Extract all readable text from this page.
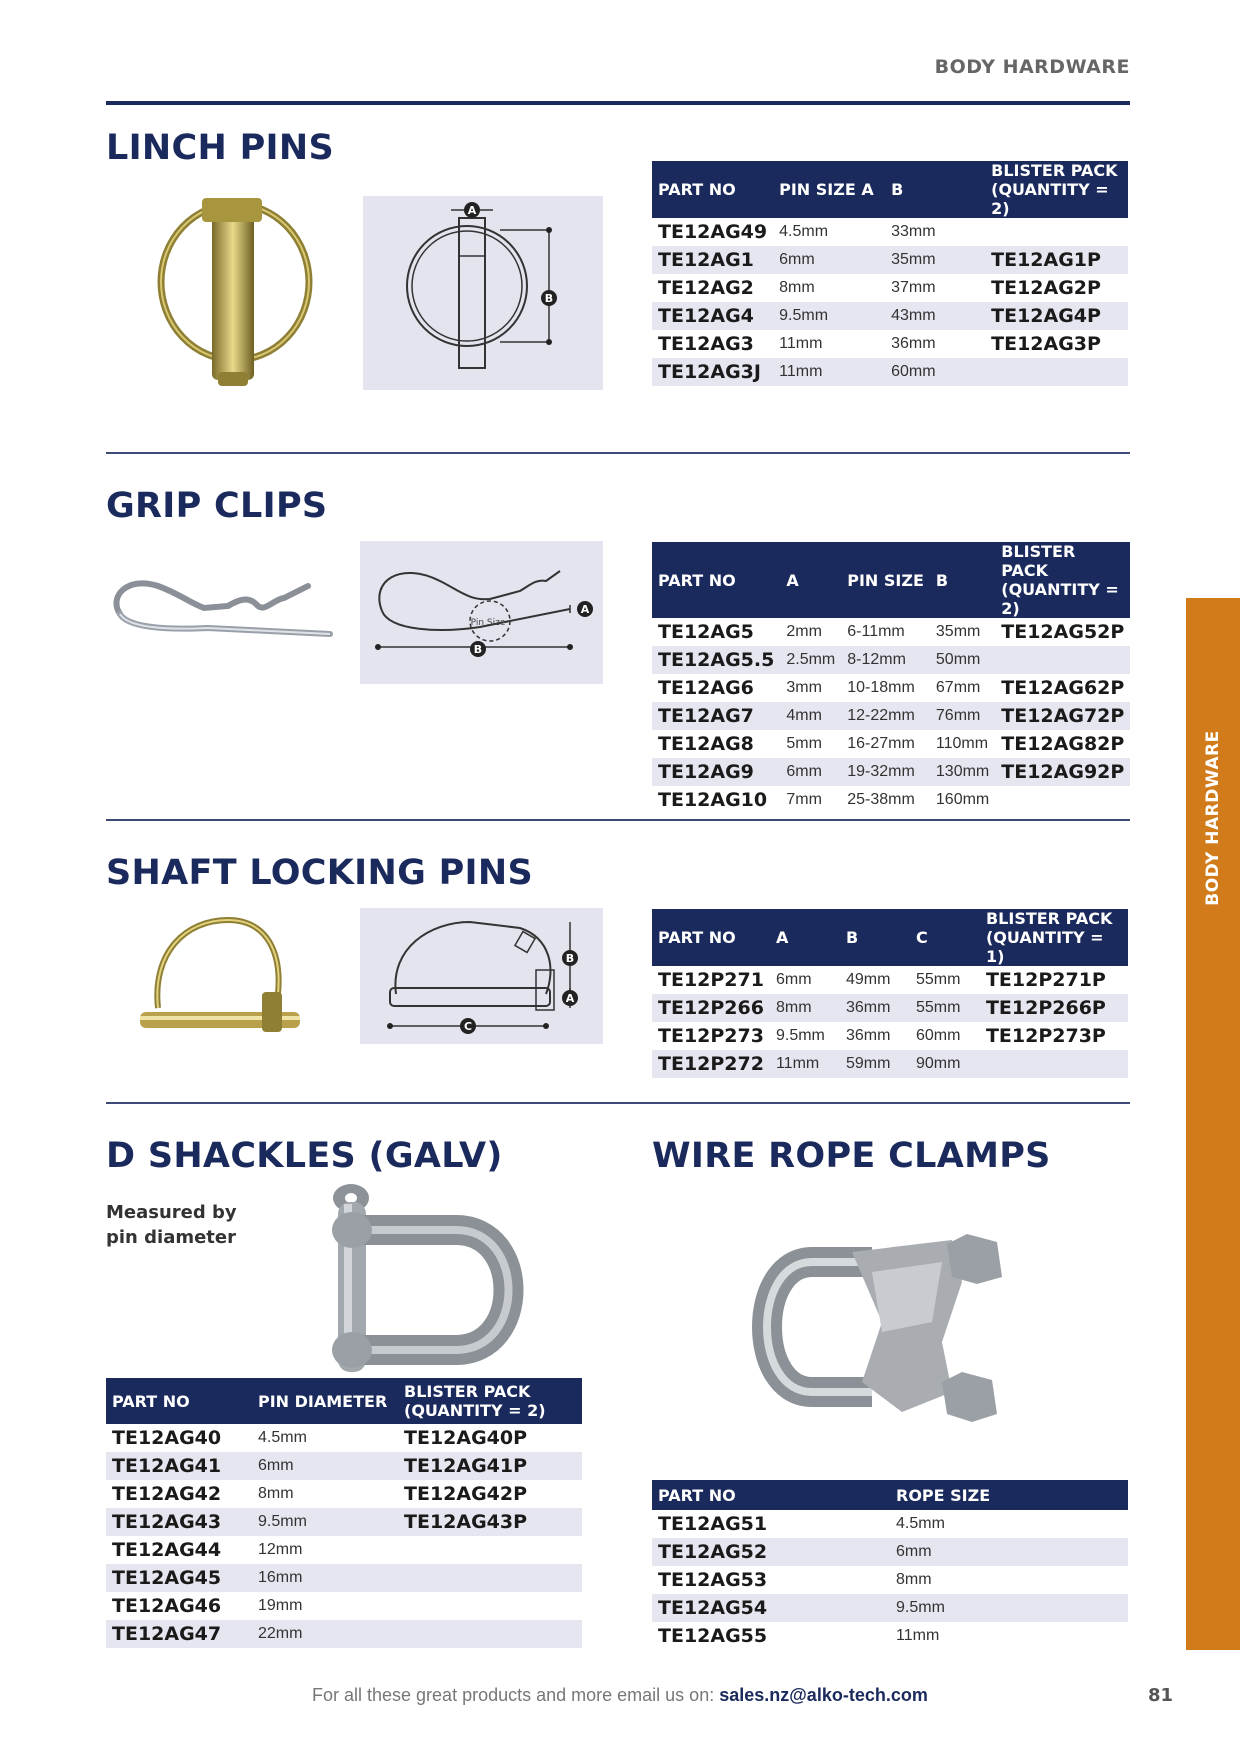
BODY HARDWARE
BODY HARDWARE
LINCH PINS
A
B
PART NO	PIN SIZE A	B	BLISTER PACK
(QUANTITY = 2)
TE12AG49	4.5mm	33mm	
TE12AG1	6mm	35mm	TE12AG1P
TE12AG2	8mm	37mm	TE12AG2P
TE12AG4	9.5mm	43mm	TE12AG4P
TE12AG3	11mm	36mm	TE12AG3P
TE12AG3J	11mm	60mm	
GRIP CLIPS
B
A
Pin Size
PART NO	A	PIN SIZE	B	BLISTER PACK
(QUANTITY = 2)
TE12AG5	2mm	6-11mm	35mm	TE12AG52P
TE12AG5.5	2.5mm	8-12mm	50mm	
TE12AG6	3mm	10-18mm	67mm	TE12AG62P
TE12AG7	4mm	12-22mm	76mm	TE12AG72P
TE12AG8	5mm	16-27mm	110mm	TE12AG82P
TE12AG9	6mm	19-32mm	130mm	TE12AG92P
TE12AG10	7mm	25-38mm	160mm	
SHAFT LOCKING PINS
C
B
A
PART NO	A	B	C	BLISTER PACK
(QUANTITY = 1)
TE12P271	6mm	49mm	55mm	TE12P271P
TE12P266	8mm	36mm	55mm	TE12P266P
TE12P273	9.5mm	36mm	60mm	TE12P273P
TE12P272	11mm	59mm	90mm	
D SHACKLES (GALV)
Measured by
pin diameter
PART NO	PIN DIAMETER	BLISTER PACK
(QUANTITY = 2)
TE12AG40	4.5mm	TE12AG40P
TE12AG41	6mm	TE12AG41P
TE12AG42	8mm	TE12AG42P
TE12AG43	9.5mm	TE12AG43P
TE12AG44	12mm	
TE12AG45	16mm	
TE12AG46	19mm	
TE12AG47	22mm	
WIRE ROPE CLAMPS
PART NO	ROPE SIZE
TE12AG51	4.5mm
TE12AG52	6mm
TE12AG53	8mm
TE12AG54	9.5mm
TE12AG55	11mm
For all these great products and more email us on: sales.nz@alko-tech.com	81
